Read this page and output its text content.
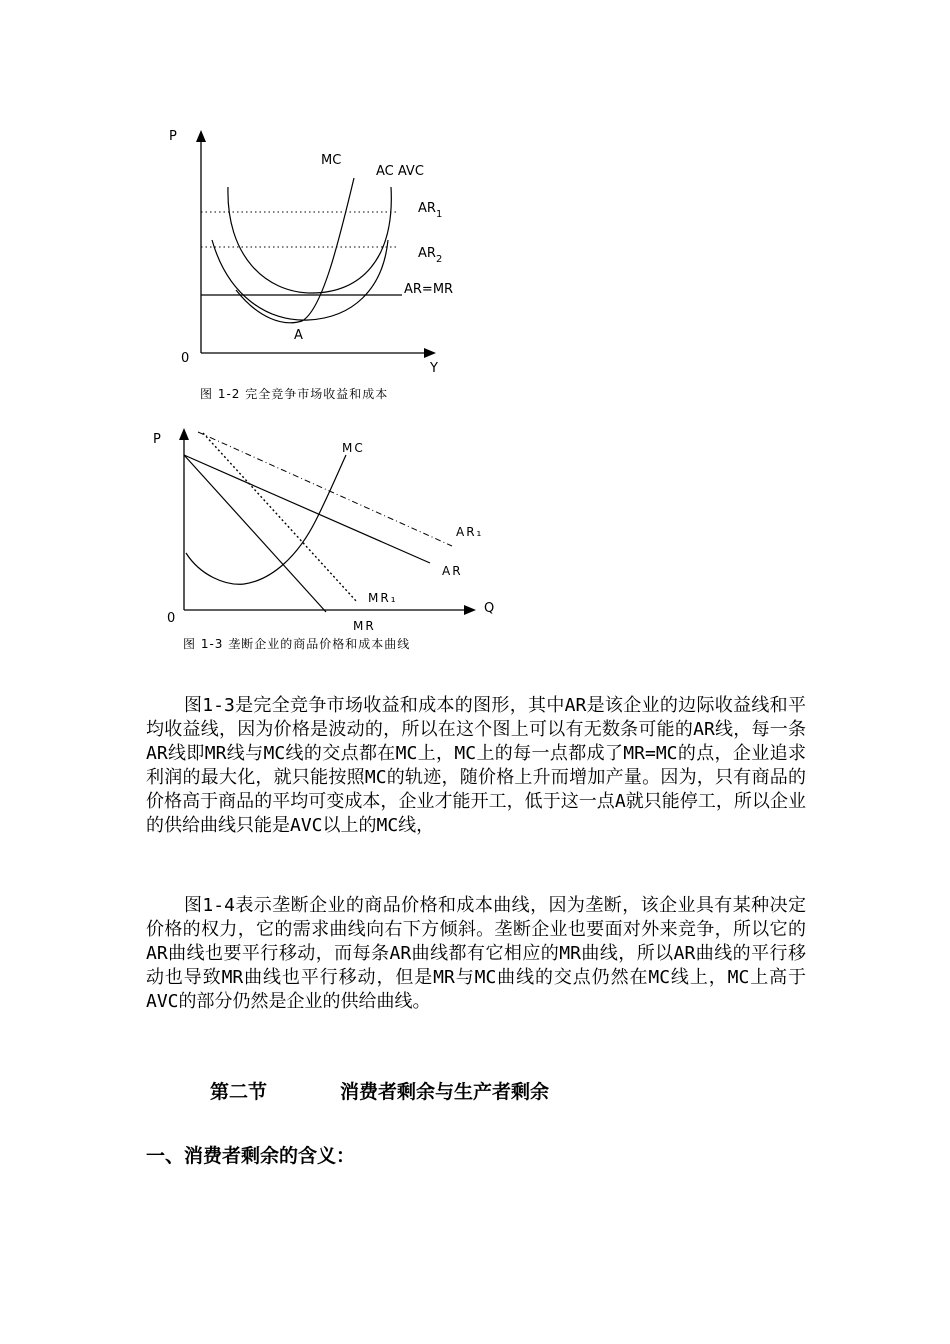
P
Y
0
MC
AC AVC
$AR_1$
$AR_2$
AR=MR
A
图 1-2 完全竞争市场收益和成本
P
Q
0
MC
AR₁
AR
MR₁
MR
图 1-3 垄断企业的商品价格和成本曲线

图1-3是完全竞争市场收益和成本的图形，其中AR是该企业的边际收益线和平均收益线，因为价格是波动的，所以在这个图上可以有无数条可能的AR线，每一条AR线即MR线与MC线的交点都在MC上，MC上的每一点都成了MR=MC的点，企业追求利润的最大化，就只能按照MC的轨迹，随价格上升而增加产量。因为，只有商品的价格高于商品的平均可变成本，企业才能开工，低于这一点A就只能停工，所以企业的供给曲线只能是AVC以上的MC线，

图1-4表示垄断企业的商品价格和成本曲线，因为垄断，该企业具有某种决定价格的权力，它的需求曲线向右下方倾斜。垄断企业也要面对外来竞争，所以它的AR曲线也要平行移动，而每条AR曲线都有它相应的MR曲线，所以AR曲线的平行移动也导致MR曲线也平行移动，但是MR与MC曲线的交点仍然在MC线上，MC上高于AVC的部分仍然是企业的供给曲线。

第二节	消费者剩余与生产者剩余

一、消费者剩余的含义：
